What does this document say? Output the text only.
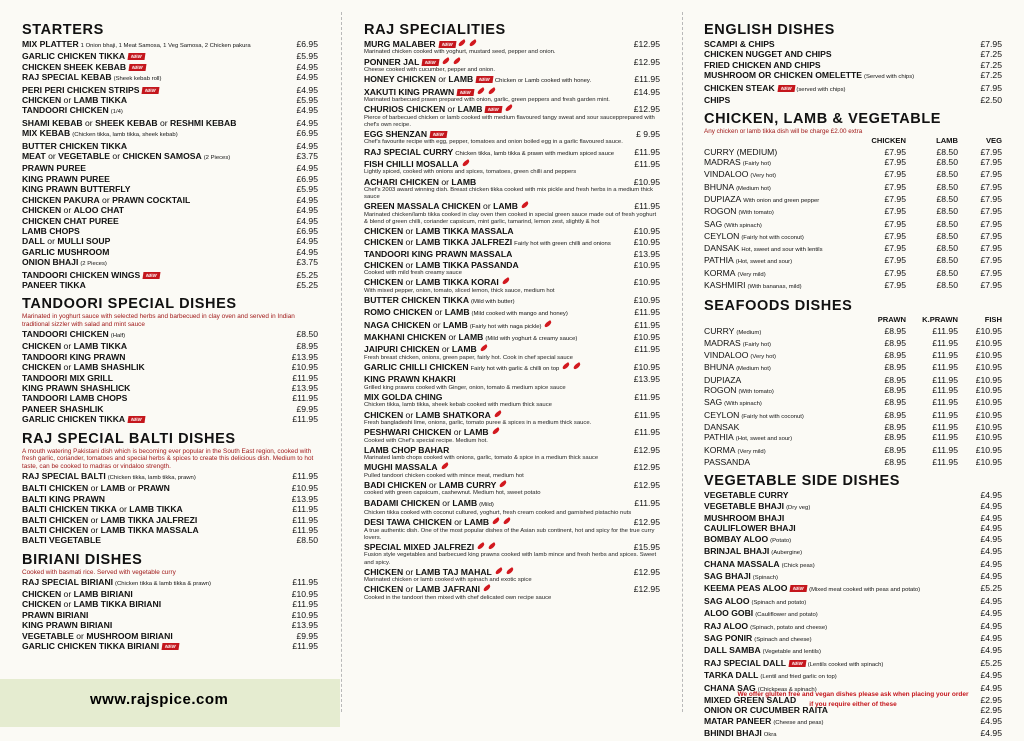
STARTERS
MIX PLATTER 1 Onion bhaji, 1 Meat Samosa, 1 Veg Samosa, 2 Chicken pakura	£6.95
GARLIC CHICKEN TIKKA NEW	£5.95
CHICKEN SHEEK KEBAB NEW	£4.95
RAJ SPECIAL KEBAB (Sheek kebab roll)	£4.95
PERI PERI CHICKEN STRIPS NEW	£4.95
CHICKEN or LAMB TIKKA	£5.95
TANDOORI CHICKEN (1/4)	£4.95
SHAMI KEBAB or SHEEK KEBAB or RESHMI KEBAB	£4.95
MIX KEBAB (Chicken tikka, lamb tikka, sheek kebab)	£6.95
BUTTER CHICKEN TIKKA	£4.95
MEAT or VEGETABLE or CHICKEN SAMOSA (2 Pieces)	£3.75
PRAWN PUREE	£4.95
KING PRAWN PUREE	£6.95
KING PRAWN BUTTERFLY	£5.95
CHICKEN PAKURA or PRAWN COCKTAIL	£4.95
CHICKEN or ALOO CHAT	£4.95
CHICKEN CHAT PUREE	£4.95
LAMB CHOPS	£6.95
DALL or MULLI SOUP	£4.95
GARLIC MUSHROOM	£4.95
ONION BHAJI (2 Pieces)	£3.75
TANDOORI CHICKEN WINGS NEW	£5.25
PANEER TIKKA	£5.25
TANDOORI SPECIAL DISHES
Marinated in yoghurt sauce with selected herbs and barbecued in clay oven and served in Indian traditional sizzler with salad and mint sauce
TANDOORI CHICKEN (Half)	£8.50
CHICKEN or LAMB TIKKA	£8.95
TANDOORI KING PRAWN	£13.95
CHICKEN or LAMB SHASHLIK	£10.95
TANDOORI MIX GRILL	£11.95
KING PRAWN SHASHLICK	£13.95
TANDOORI LAMB CHOPS	£11.95
PANEER SHASHLIK	£9.95
GARLIC CHICKEN TIKKA NEW	£11.95
RAJ SPECIAL BALTI DISHES
A mouth watering Pakistani dish which is becoming ever popular in the South East region, cooked with fresh garlic, coriander, tomatoes and special herbs & spices to create this delicious dish. Medium to hot taste, can be cooked to madras or vindaloo strength.
RAJ SPECIAL BALTI (Chicken tikka, lamb tikka, prawn)	£11.95
BALTI CHICKEN or LAMB or PRAWN	£10.95
BALTI KING PRAWN	£13.95
BALTI CHICKEN TIKKA or LAMB TIKKA	£11.95
BALTI CHICKEN or LAMB TIKKA JALFREZI	£11.95
BALTI CHICKEN or LAMB TIKKA MASSALA	£11.95
BALTI VEGETABLE	£8.50
BIRIANI DISHES
Cooked with basmati rice. Served with vegetable curry
RAJ SPECIAL BIRIANI (Chicken tikka & lamb tikka & prawn)	£11.95
CHICKEN or LAMB BIRIANI	£10.95
CHICKEN or LAMB TIKKA BIRIANI	£11.95
PRAWN BIRIANI	£10.95
KING PRAWN BIRIANI	£13.95
VEGETABLE or MUSHROOM BIRIANI	£9.95
GARLIC CHICKEN TIKKA BIRIANI NEW	£11.95
RAJ SPECIALITIES
MURG MALABER NEW	£12.95
Marinated chicken cooked with yoghurt, mustard seed, pepper and onion.
PONNER JAL NEW	£12.95
Cheese cooked with cucumber, pepper and onion.
HONEY CHICKEN or LAMB NEW Chicken or Lamb cooked with honey.	£11.95
XAKUTI KING PRAWN NEW	£14.95
Marinated barbecued prawn prepared with onion, garlic, green peppers and fresh garden mint.
CHURIOS CHICKEN or LAMB NEW	£12.95
Pierce of barbecued chicken or lamb cooked with medium flavoured tangy sweat and sour saucepprepared with chef's own recipe.
EGG SHENZAN NEW	£ 9.95
Chef's favourite recipe with egg, pepper, tomatoes and onion boiled egg in a garlic flavoured sauce.
RAJ SPECIAL CURRY Chicken tikka, lamb tikka & prawn with medium spiced sauce	£11.95
FISH CHILLI MOSALLA	£11.95
Lightly spiced, cooked with onions and spices, tomatoes, green chilli and peppers
ACHARI CHICKEN or LAMB	£10.95
Chef's 2003 award winning dish. Breast chicken tikka cooked with mix pickle and fresh herbs in a medium thick sauce
GREEN MASSALA CHICKEN or LAMB	£11.95
Marinated chicken/lamb tikka cooked in clay oven then cooked in special green sauce made out of fresh yoghurt & blend of green chilli, coriander capsicum, mint garlic, tamarind, lemon zest, slightly & hot
CHICKEN or LAMB TIKKA MASSALA	£10.95
CHICKEN or LAMB TIKKA JALFREZI Fairly hot with green chilli and onions	£10.95
TANDOORI KING PRAWN MASSALA	£13.95
CHICKEN or LAMB TIKKA PASSANDA	£10.95
Cooked with mild fresh creamy sauce
CHICKEN or LAMB TIKKA KORAI	£10.95
With mixed pepper, onion, tomato, sliced lemon, thick sauce, medium hot
BUTTER CHICKEN TIKKA (Mild with butter)	£10.95
ROMO CHICKEN or LAMB (Mild cooked with mango and honey)	£11.95
NAGA CHICKEN or LAMB (Fairly hot with naga pickle)	£11.95
MAKHANI CHICKEN or LAMB (Mild with yoghurt & creamy sauce)	£10.95
JAIPURI CHICKEN or LAMB	£11.95
Fresh breast chicken, onions, green paper, fairly hot. Cook in chef special sauce
GARLIC CHILLI CHICKEN Fairly hot with garlic & chilli on top	£10.95
KING PRAWN KHAKRI	£13.95
Grilled king prawns cooked with Ginger, onion, tomato & medium spice sauce
MIX GOLDA CHING	£11.95
Chicken tikka, lamb tikka, sheek kebab cooked with medium thick sauce
CHICKEN or LAMB SHATKORA	£11.95
Fresh bangladeshi lime, onions, garlic, tomato puree & spices in a medium thick sauce.
PESHWARI CHICKEN or LAMB	£11.95
Cooked with Chef's special recipe. Medium hot.
LAMB CHOP BAHAR	£12.95
Marinated lamb chops cooked with onions, garlic, tomato & spice in a medium thick sauce
MUGHI MASSALA	£12.95
Pulled tandoori chicken cooked with mince meat, medium hot
BADI CHICKEN or LAMB CURRY	£12.95
cooked with green capsicum, cashewnut. Medium hot, sweet potato
BADAMI CHICKEN or LAMB (Mild)	£11.95
Chicken tikka cooked with coconut cultured, yoghurt, fresh cream cooked and garnished pistachio nuts
DESI TAWA CHICKEN or LAMB	£12.95
A true authentic dish. One of the most popular dishes of the Asian sub continent, hot and spicy for the true curry lovers.
SPECIAL MIXED JALFREZI	£15.95
Fusion style vegetables and barbecued king prawns cooked with lamb mince and fresh herbs and spices. Sweet and spicy.
CHICKEN or LAMB TAJ MAHAL	£12.95
Marinated chicken or lamb cooked with spinach and exotic spice
CHICKEN or LAMB JAFRANI	£12.95
Cooked in the tandoori then mixed with chef delicated own recipe sauce
ENGLISH DISHES
SCAMPI & CHIPS	£7.95
CHICKEN NUGGET AND CHIPS	£7.25
FRIED CHICKEN AND CHIPS	£7.25
MUSHROOM OR CHICKEN OMELETTE (Served with chips)	£7.25
CHICKEN STEAK NEW (served with chips)	£7.95
CHIPS	£2.50
CHICKEN, LAMB & VEGETABLE
Any chicken or lamb tikka dish will be charge £2.00 extra
CHICKEN	LAMB	VEG
CURRY (MEDIUM)	£7.95	£8.50	£7.95
MADRAS (Fairly hot)	£7.95	£8.50	£7.95
VINDALOO (Very hot)	£7.95	£8.50	£7.95
BHUNA (Medium hot)	£7.95	£8.50	£7.95
DUPIAZA With onion and green pepper	£7.95	£8.50	£7.95
ROGON (With tomato)	£7.95	£8.50	£7.95
SAG (With spinach)	£7.95	£8.50	£7.95
CEYLON (Fairly hot with coconut)	£7.95	£8.50	£7.95
DANSAK Hot, sweet and sour with lentils	£7.95	£8.50	£7.95
PATHIA (Hot, sweet and sour)	£7.95	£8.50	£7.95
KORMA (Very mild)	£7.95	£8.50	£7.95
KASHMIRI (With bananas, mild)	£7.95	£8.50	£7.95
SEAFOODS DISHES
PRAWN	K.PRAWN	FISH
CURRY (Medium)	£8.95	£11.95	£10.95
MADRAS (Fairly hot)	£8.95	£11.95	£10.95
VINDALOO (Very hot)	£8.95	£11.95	£10.95
BHUNA (Medium hot)	£8.95	£11.95	£10.95
DUPIAZA	£8.95	£11.95	£10.95
ROGON (With tomato)	£8.95	£11.95	£10.95
SAG (With spinach)	£8.95	£11.95	£10.95
CEYLON (Fairly hot with coconut)	£8.95	£11.95	£10.95
DANSAK	£8.95	£11.95	£10.95
PATHIA (Hot, sweet and sour)	£8.95	£11.95	£10.95
KORMA (Very mild)	£8.95	£11.95	£10.95
PASSANDA	£8.95	£11.95	£10.95
VEGETABLE SIDE DISHES
VEGETABLE CURRY	£4.95
VEGETABLE BHAJI (Dry veg)	£4.95
MUSHROOM BHAJI	£4.95
CAULIFLOWER BHAJI	£4.95
BOMBAY ALOO (Potato)	£4.95
BRINJAL BHAJI (Aubergine)	£4.95
CHANA MASSALA (Chick peas)	£4.95
SAG BHAJI (Spinach)	£4.95
KEEMA PEAS ALOO NEW (Mixed meat cooked with peas and potato)	£5.25
SAG ALOO (Spinach and potato)	£4.95
ALOO GOBI (Cauliflower and potato)	£4.95
RAJ ALOO (Spinach, potato and cheese)	£4.95
SAG PONIR (Spinach and cheese)	£4.95
DALL SAMBA (Vegetable and lentils)	£4.95
RAJ SPECIAL DALL NEW (Lentils cooked with spinach)	£5.25
TARKA DALL (Lentil and fried garlic on top)	£4.95
CHANA SAG (Chickpeas & spinach)	£4.95
MIXED GREEN SALAD	£2.95
ONION OR CUCUMBER RAITA	£2.95
MATAR PANEER (Cheese and peas)	£4.95
BHINDI BHAJI Okra	£4.95
www.rajspice.com	We offer glulten free and vegan dishes please ask when placing your order
if you require either of these
